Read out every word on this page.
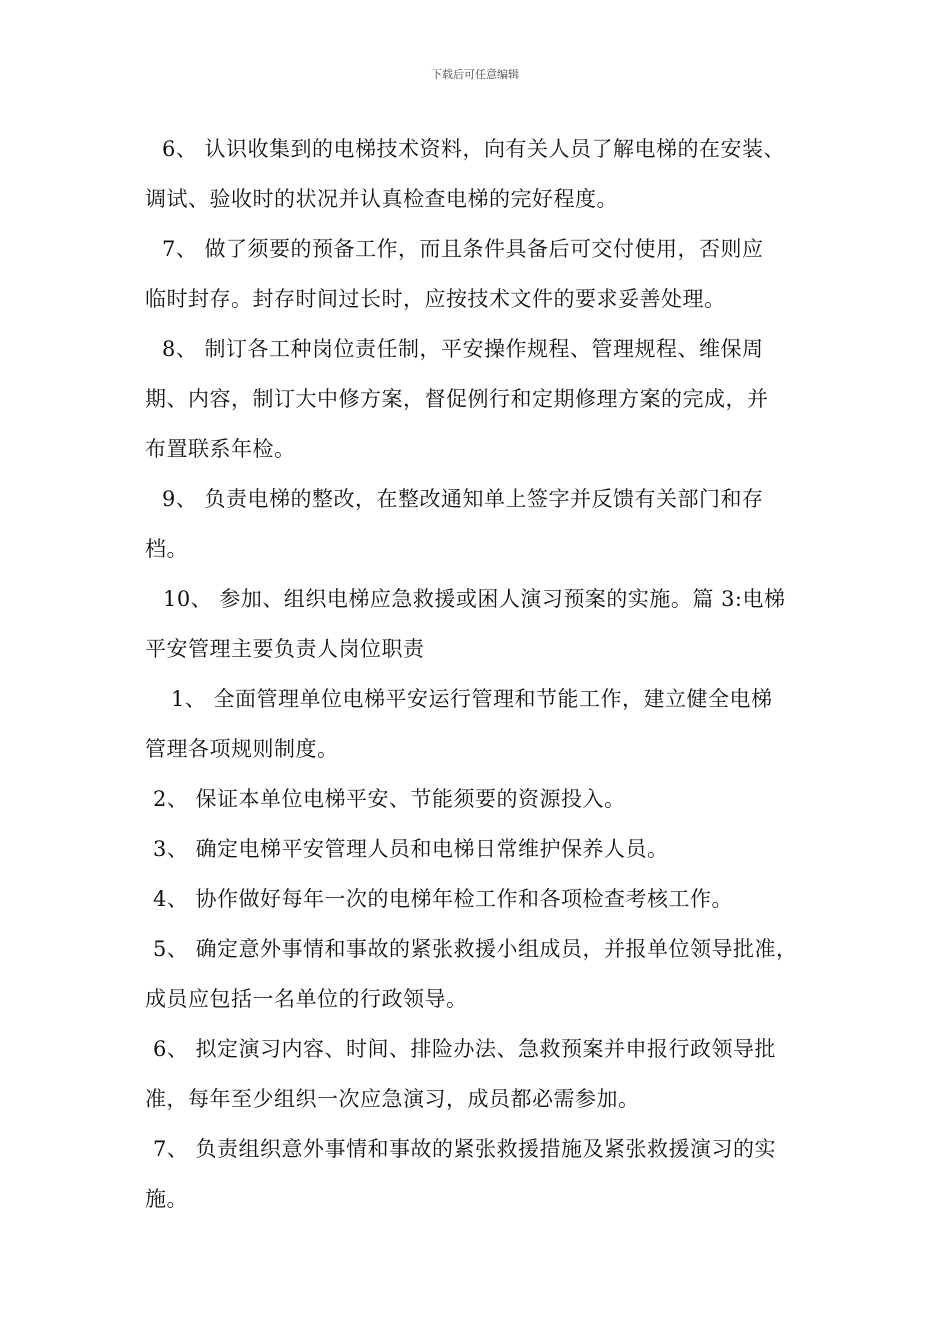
下载后可任意编辑
6、 认识收集到的电梯技术资料，向有关人员了解电梯的在安装、
调试、验收时的状况并认真检查电梯的完好程度。
7、 做了须要的预备工作，而且条件具备后可交付使用，否则应
临时封存。封存时间过长时，应按技术文件的要求妥善处理。
8、 制订各工种岗位责任制，平安操作规程、管理规程、维保周
期、内容，制订大中修方案，督促例行和定期修理方案的完成，并
布置联系年检。
9、 负责电梯的整改，在整改通知单上签字并反馈有关部门和存
档。
10、 参加、组织电梯应急救援或困人演习预案的实施。篇 3:电梯
平安管理主要负责人岗位职责
1、 全面管理单位电梯平安运行管理和节能工作，建立健全电梯
管理各项规则制度。
2、 保证本单位电梯平安、节能须要的资源投入。
3、 确定电梯平安管理人员和电梯日常维护保养人员。
4、 协作做好每年一次的电梯年检工作和各项检查考核工作。
5、 确定意外事情和事故的紧张救援小组成员，并报单位领导批准，
成员应包括一名单位的行政领导。
6、 拟定演习内容、时间、排险办法、急救预案并申报行政领导批
准，每年至少组织一次应急演习，成员都必需参加。
7、 负责组织意外事情和事故的紧张救援措施及紧张救援演习的实
施。
